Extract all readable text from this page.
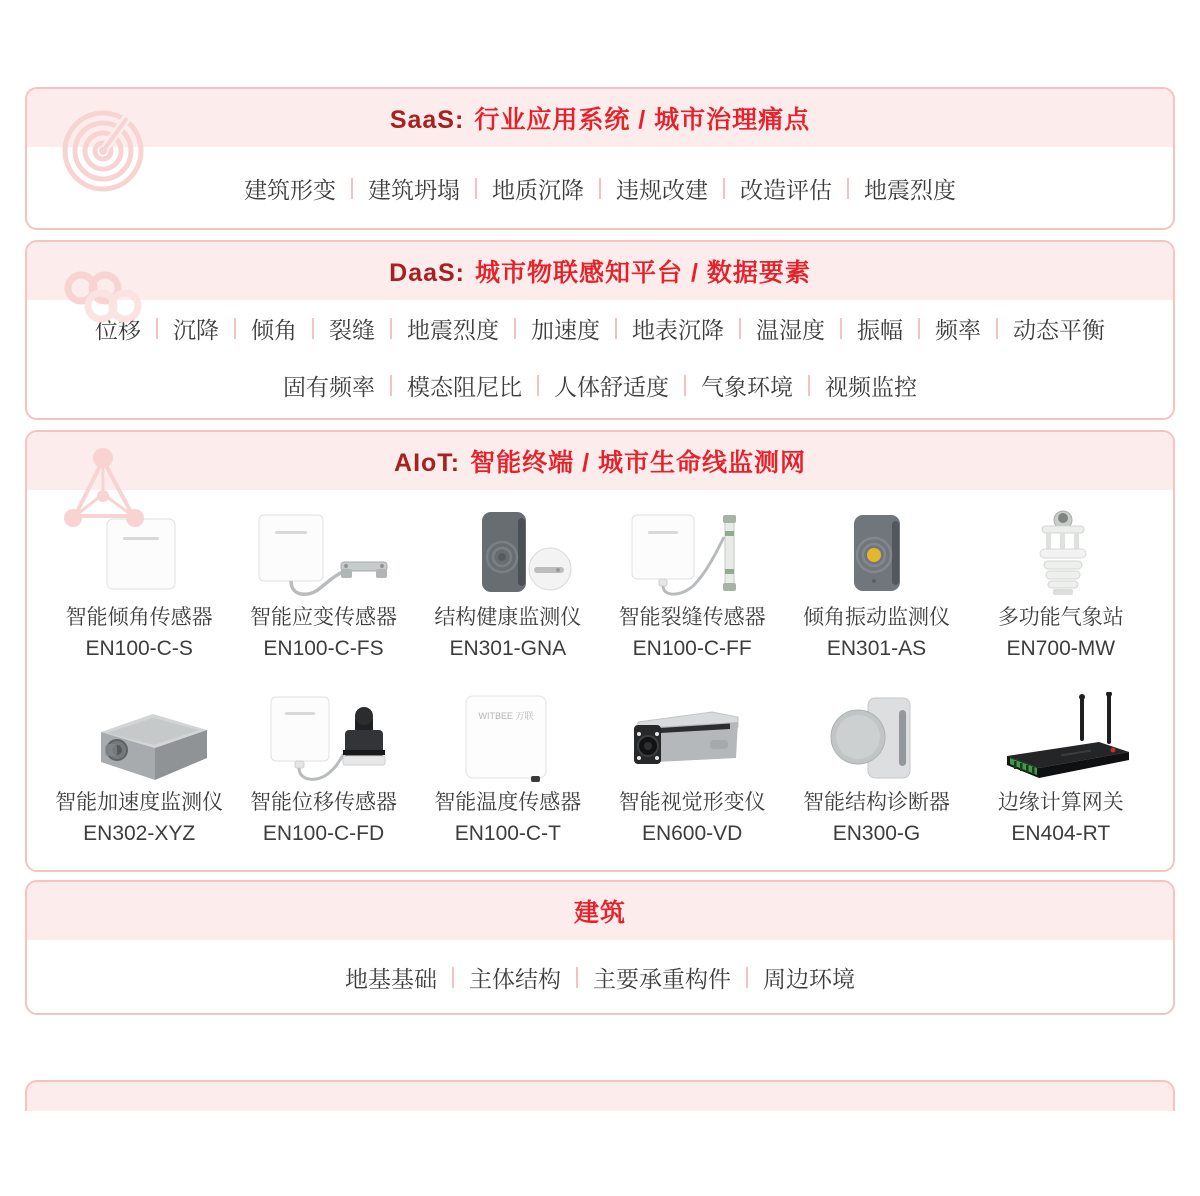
SaaS: 行业应用系统 / 城市治理痛点
建筑形变 建筑坍塌 地质沉降 违规改建 改造评估 地震烈度
DaaS: 城市物联感知平台 / 数据要素
位移 沉降 倾角 裂缝 地震烈度 加速度 地表沉降 温湿度 振幅 频率 动态平衡
固有频率 模态阻尼比 人体舒适度 气象环境 视频监控
AIoT: 智能终端 / 城市生命线监测网
智能倾角传感器
EN100-C-S
智能应变传感器
EN100-C-FS
结构健康监测仪
EN301-GNA
智能裂缝传感器
EN100-C-FF
倾角振动监测仪
EN301-AS
多功能气象站
EN700-MW
智能加速度监测仪
EN302-XYZ
智能位移传感器
EN100-C-FD
WITBEE 万联
智能温度传感器
EN100-C-T
智能视觉形变仪
EN600-VD
智能结构诊断器
EN300-G
边缘计算网关
EN404-RT
建筑
地基基础 主体结构 主要承重构件 周边环境
